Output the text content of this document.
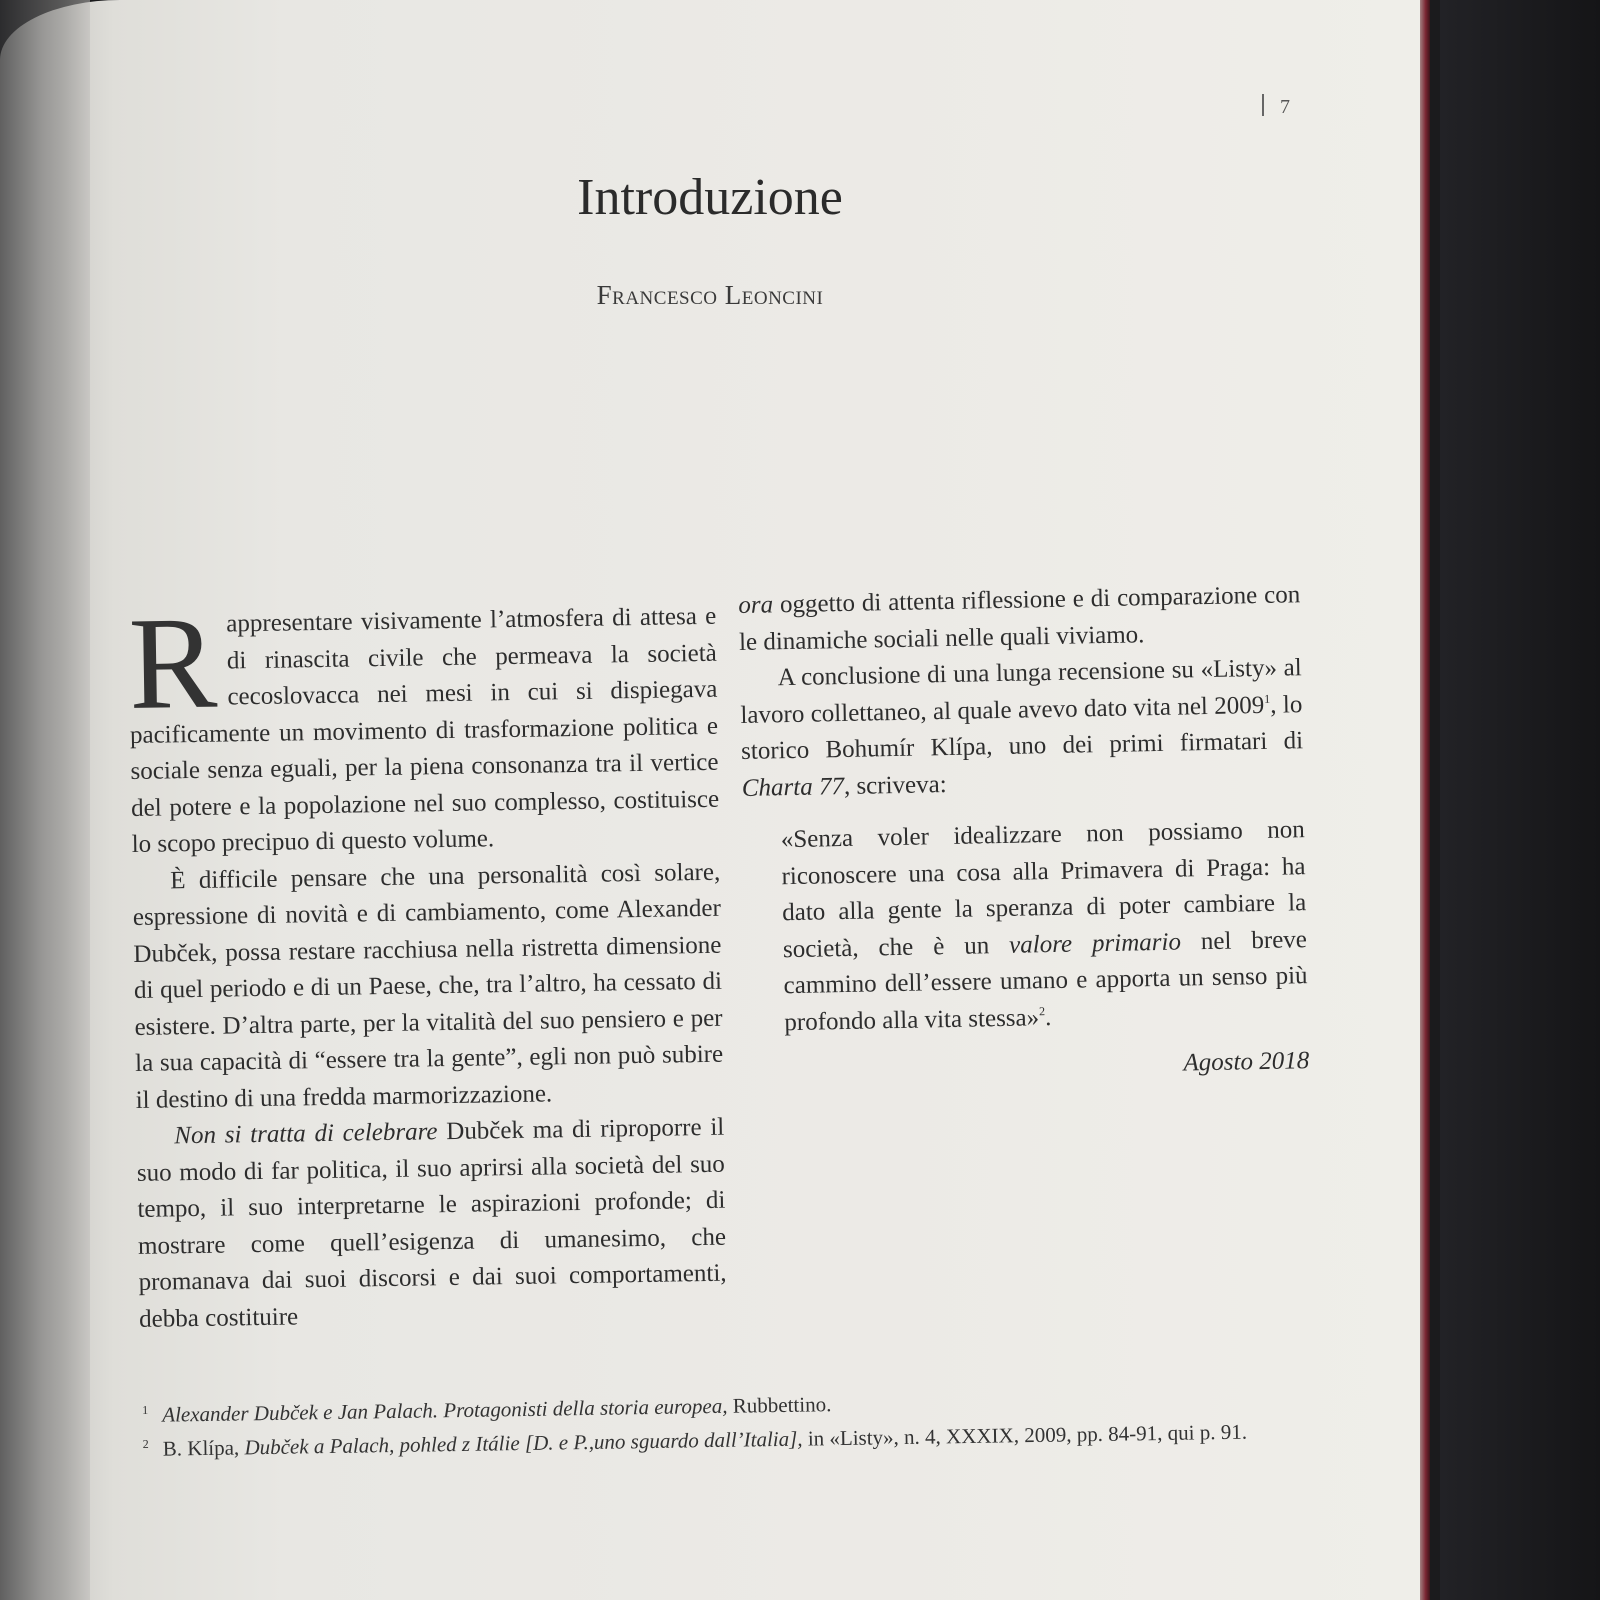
7
Introduzione
Francesco Leoncini

Rappresentare visivamente l’atmosfera di attesa e di rinascita civile che permeava la società cecoslovacca nei mesi in cui si dispiegava pacificamente un movimento di trasformazione politica e sociale senza eguali, per la piena consonanza tra il vertice del potere e la popolazione nel suo complesso, costituisce lo scopo precipuo di questo volume.

È difficile pensare che una personalità così solare, espressione di novità e di cambiamento, come Alexander Dubček, possa restare racchiusa nella ristretta dimensione di quel periodo e di un Paese, che, tra l’altro, ha cessato di esistere. D’altra parte, per la vitalità del suo pensiero e per la sua capacità di “essere tra la gente”, egli non può subire il destino di una fredda marmorizzazione.

Non si tratta di celebrare Dubček ma di riproporre il suo modo di far politica, il suo aprirsi alla società del suo tempo, il suo interpretarne le aspirazioni profonde; di mostrare come quell’esigenza di umanesimo, che promanava dai suoi discorsi e dai suoi comportamenti, debba costituire

ora oggetto di attenta riflessione e di comparazione con le dinamiche sociali nelle quali viviamo.

A conclusione di una lunga recensione su «Listy» al lavoro collettaneo, al quale avevo dato vita nel 2009$^1$, lo storico Bohumír Klípa, uno dei primi firmatari di Charta 77, scriveva:

«Senza voler idealizzare non possiamo non riconoscere una cosa alla Primavera di Praga: ha dato alla gente la speranza di poter cambiare la società, che è un valore primario nel breve cammino dell’essere umano e apporta un senso più profondo alla vita stessa»$^2$.

Agosto 2018

$^1$ Alexander Dubček e Jan Palach. Protagonisti della storia europea, Rubbettino.

$^2$ B. Klípa, Dubček a Palach, pohled z Itálie [D. e P.,uno sguardo dall’Italia], in «Listy», n. 4, XXXIX, 2009, pp. 84-91, qui p. 91.
